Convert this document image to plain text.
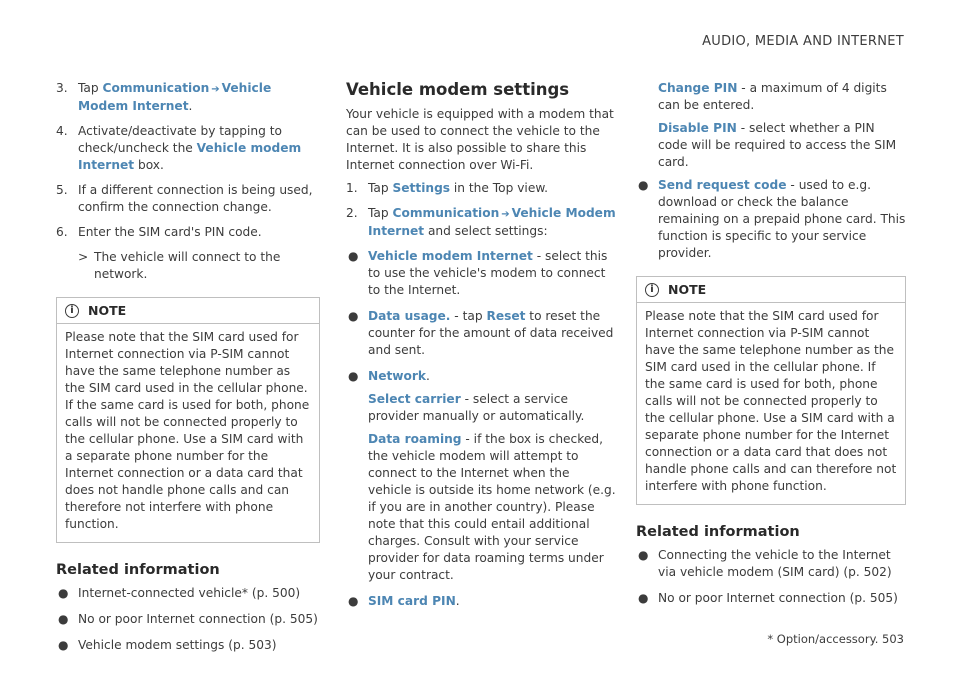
AUDIO, MEDIA AND INTERNET
3. Tap Communication ➔ Vehicle Modem Internet.
4. Activate/deactivate by tapping to check/uncheck the Vehicle modem Internet box.
5. If a different connection is being used, confirm the connection change.
6. Enter the SIM card's PIN code.
> The vehicle will connect to the network.
i	NOTE
Please note that the SIM card used for Internet connection via P-SIM cannot have the same telephone number as the SIM card used in the cellular phone. If the same card is used for both, phone calls will not be connected properly to the cellular phone. Use a SIM card with a separate phone number for the Internet connection or a data card that does not handle phone calls and can therefore not interfere with phone function.
Related information
● Internet-connected vehicle* (p. 500)
● No or poor Internet connection (p. 505)
● Vehicle modem settings (p. 503)
Vehicle modem settings
Your vehicle is equipped with a modem that can be used to connect the vehicle to the Internet. It is also possible to share this Internet connection over Wi-Fi.
1. Tap Settings in the Top view.
2. Tap Communication ➔ Vehicle Modem Internet and select settings:
● Vehicle modem Internet - select this to use the vehicle's modem to connect to the Internet.
● Data usage. - tap Reset to reset the counter for the amount of data received and sent.
● Network.
Select carrier - select a service provider manually or automatically.
Data roaming - if the box is checked, the vehicle modem will attempt to connect to the Internet when the vehicle is outside its home network (e.g. if you are in another country). Please note that this could entail additional charges. Consult with your service provider for data roaming terms under your contract.
● SIM card PIN.
Change PIN - a maximum of 4 digits can be entered.
Disable PIN - select whether a PIN code will be required to access the SIM card.
● Send request code - used to e.g. download or check the balance remaining on a prepaid phone card. This function is specific to your service provider.
i	NOTE
Please note that the SIM card used for Internet connection via P-SIM cannot have the same telephone number as the SIM card used in the cellular phone. If the same card is used for both, phone calls will not be connected properly to the cellular phone. Use a SIM card with a separate phone number for the Internet connection or a data card that does not handle phone calls and can therefore not interfere with phone function.
Related information
● Connecting the vehicle to the Internet via vehicle modem (SIM card) (p. 502)
● No or poor Internet connection (p. 505)
* Option/accessory. 503
